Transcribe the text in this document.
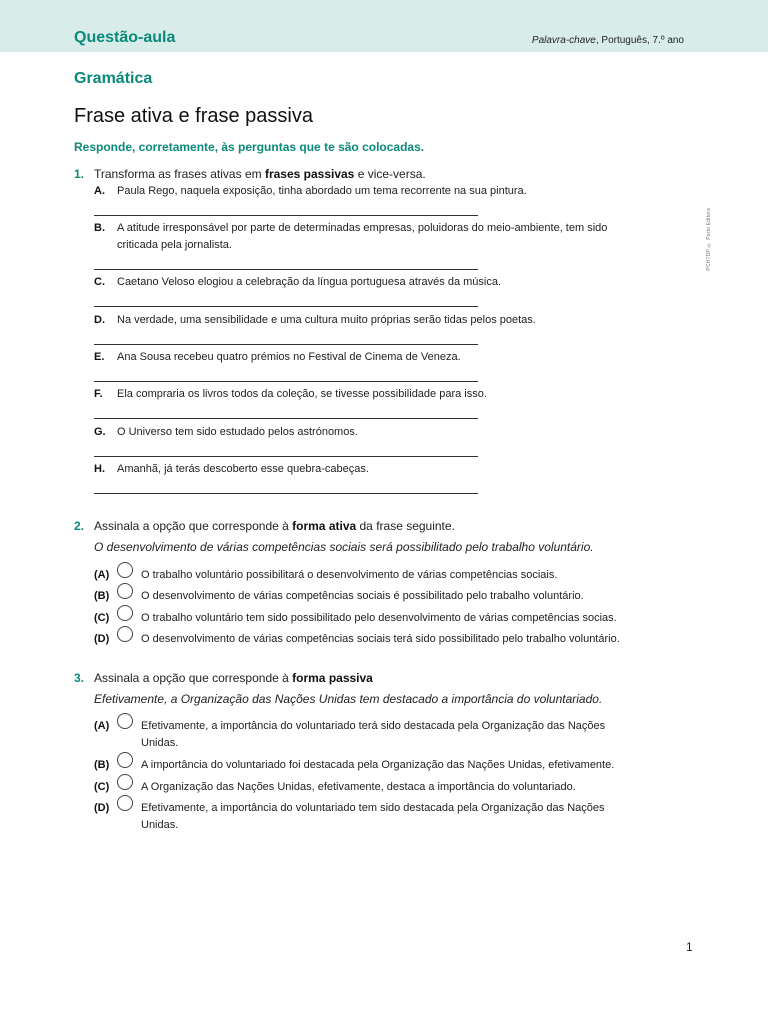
Questão-aula	Palavra-chave, Português, 7.º ano
Gramática
Frase ativa e frase passiva
Responde, corretamente, às perguntas que te são colocadas.
PCH7DP © Porto Editora
1. Transforma as frases ativas em frases passivas e vice-versa.
A. Paula Rego, naquela exposição, tinha abordado um tema recorrente na sua pintura.
B. A atitude irresponsável por parte de determinadas empresas, poluidoras do meio-ambiente, tem sido
criticada pela jornalista.
C. Caetano Veloso elogiou a celebração da língua portuguesa através da música.
D. Na verdade, uma sensibilidade e uma cultura muito próprias serão tidas pelos poetas.
E. Ana Sousa recebeu quatro prémios no Festival de Cinema de Veneza.
F. Ela compraria os livros todos da coleção, se tivesse possibilidade para isso.
G. O Universo tem sido estudado pelos astrónomos.
H. Amanhã, já terás descoberto esse quebra-cabeças.
2. Assinala a opção que corresponde à forma ativa da frase seguinte.
O desenvolvimento de várias competências sociais será possibilitado pelo trabalho voluntário.
(A)	O trabalho voluntário possibilitará o desenvolvimento de várias competências sociais.
(B)	O desenvolvimento de várias competências sociais é possibilitado pelo trabalho voluntário.
(C)	O trabalho voluntário tem sido possibilitado pelo desenvolvimento de várias competências socias.
(D)	O desenvolvimento de várias competências sociais terá sido possibilitado pelo trabalho voluntário.
3. Assinala a opção que corresponde à forma passiva
Efetivamente, a Organização das Nações Unidas tem destacado a importância do voluntariado.
(A)	Efetivamente, a importância do voluntariado terá sido destacada pela Organização das Nações
Unidas.
(B)	A importância do voluntariado foi destacada pela Organização das Nações Unidas, efetivamente.
(C)	A Organização das Nações Unidas, efetivamente, destaca a importância do voluntariado.
(D)	Efetivamente, a importância do voluntariado tem sido destacada pela Organização das Nações
Unidas.
1
